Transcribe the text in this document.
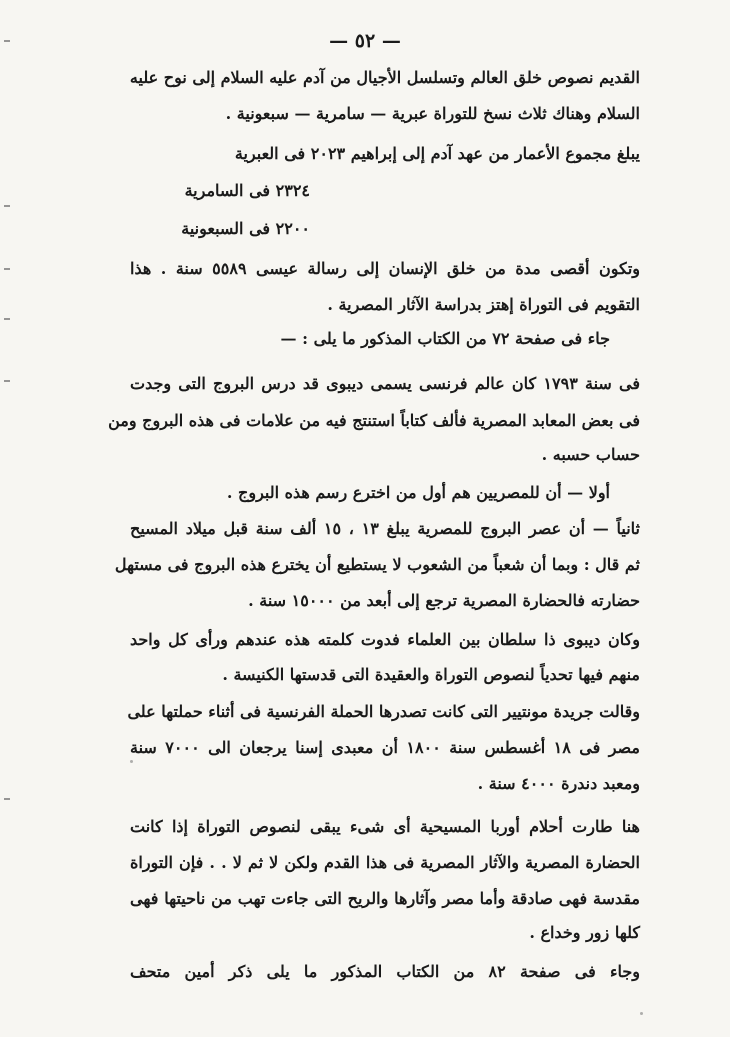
— ٥٢ —
القديم نصوص خلق العالم وتسلسل الأجيال من آدم عليه السلام إلى نوح عليه
السلام وهناك ثلاث نسخ للتوراة عبرية — سامرية — سبعونية .
يبلغ مجموع الأعمار من عهد آدم إلى إبراهيم ٢٠٢٣ فى العبرية
٢٣٢٤ فى السامرية
٢٢٠٠ فى السبعونية
وتكون أقصى مدة من خلق الإنسان إلى رسالة عيسى ٥٥٨٩ سنة . هذا
التقويم فى التوراة إهتز بدراسة الآثار المصرية .
جاء فى صفحة ٧٢ من الكتاب المذكور ما يلى : —
فى سنة ١٧٩٣ كان عالم فرنسى يسمى ديبوى قد درس البروج التى وجدت
فى بعض المعابد المصرية فألف كتاباً استنتج فيه من علامات فى هذه البروج ومن
حساب حسبه .
أولا — أن للمصريين هم أول من اخترع رسم هذه البروج .
ثانياً — أن عصر البروج للمصرية يبلغ ١٣ ، ١٥ ألف سنة قبل ميلاد المسيح
ثم قال : وبما أن شعباً من الشعوب لا يستطيع أن يخترع هذه البروج فى مستهل
حضارته فالحضارة المصرية ترجع إلى أبعد من ١٥٠٠٠ سنة .
وكان ديبوى ذا سلطان بين العلماء فدوت كلمته هذه عندهم ورأى كل واحد
منهم فيها تحدياً لنصوص التوراة والعقيدة التى قدستها الكنيسة .
وقالت جريدة مونتيير التى كانت تصدرها الحملة الفرنسية فى أثناء حملتها على
مصر فى ١٨ أغسطس سنة ١٨٠٠ أن معبدى إسنا يرجعان الى ٧٠٠٠ سنة
ومعبد دندرة ٤٠٠٠ سنة .
هنا طارت أحلام أوربا المسيحية أى شىء يبقى لنصوص التوراة إذا كانت
الحضارة المصرية والآثار المصرية فى هذا القدم ولكن لا ثم لا . . فإن التوراة
مقدسة فهى صادقة وأما مصر وآثارها والريح التى جاءت تهب من ناحيتها فهى
كلها زور وخداع .
وجاء فى صفحة ٨٢ من الكتاب المذكور ما يلى ذكر أمين متحف
